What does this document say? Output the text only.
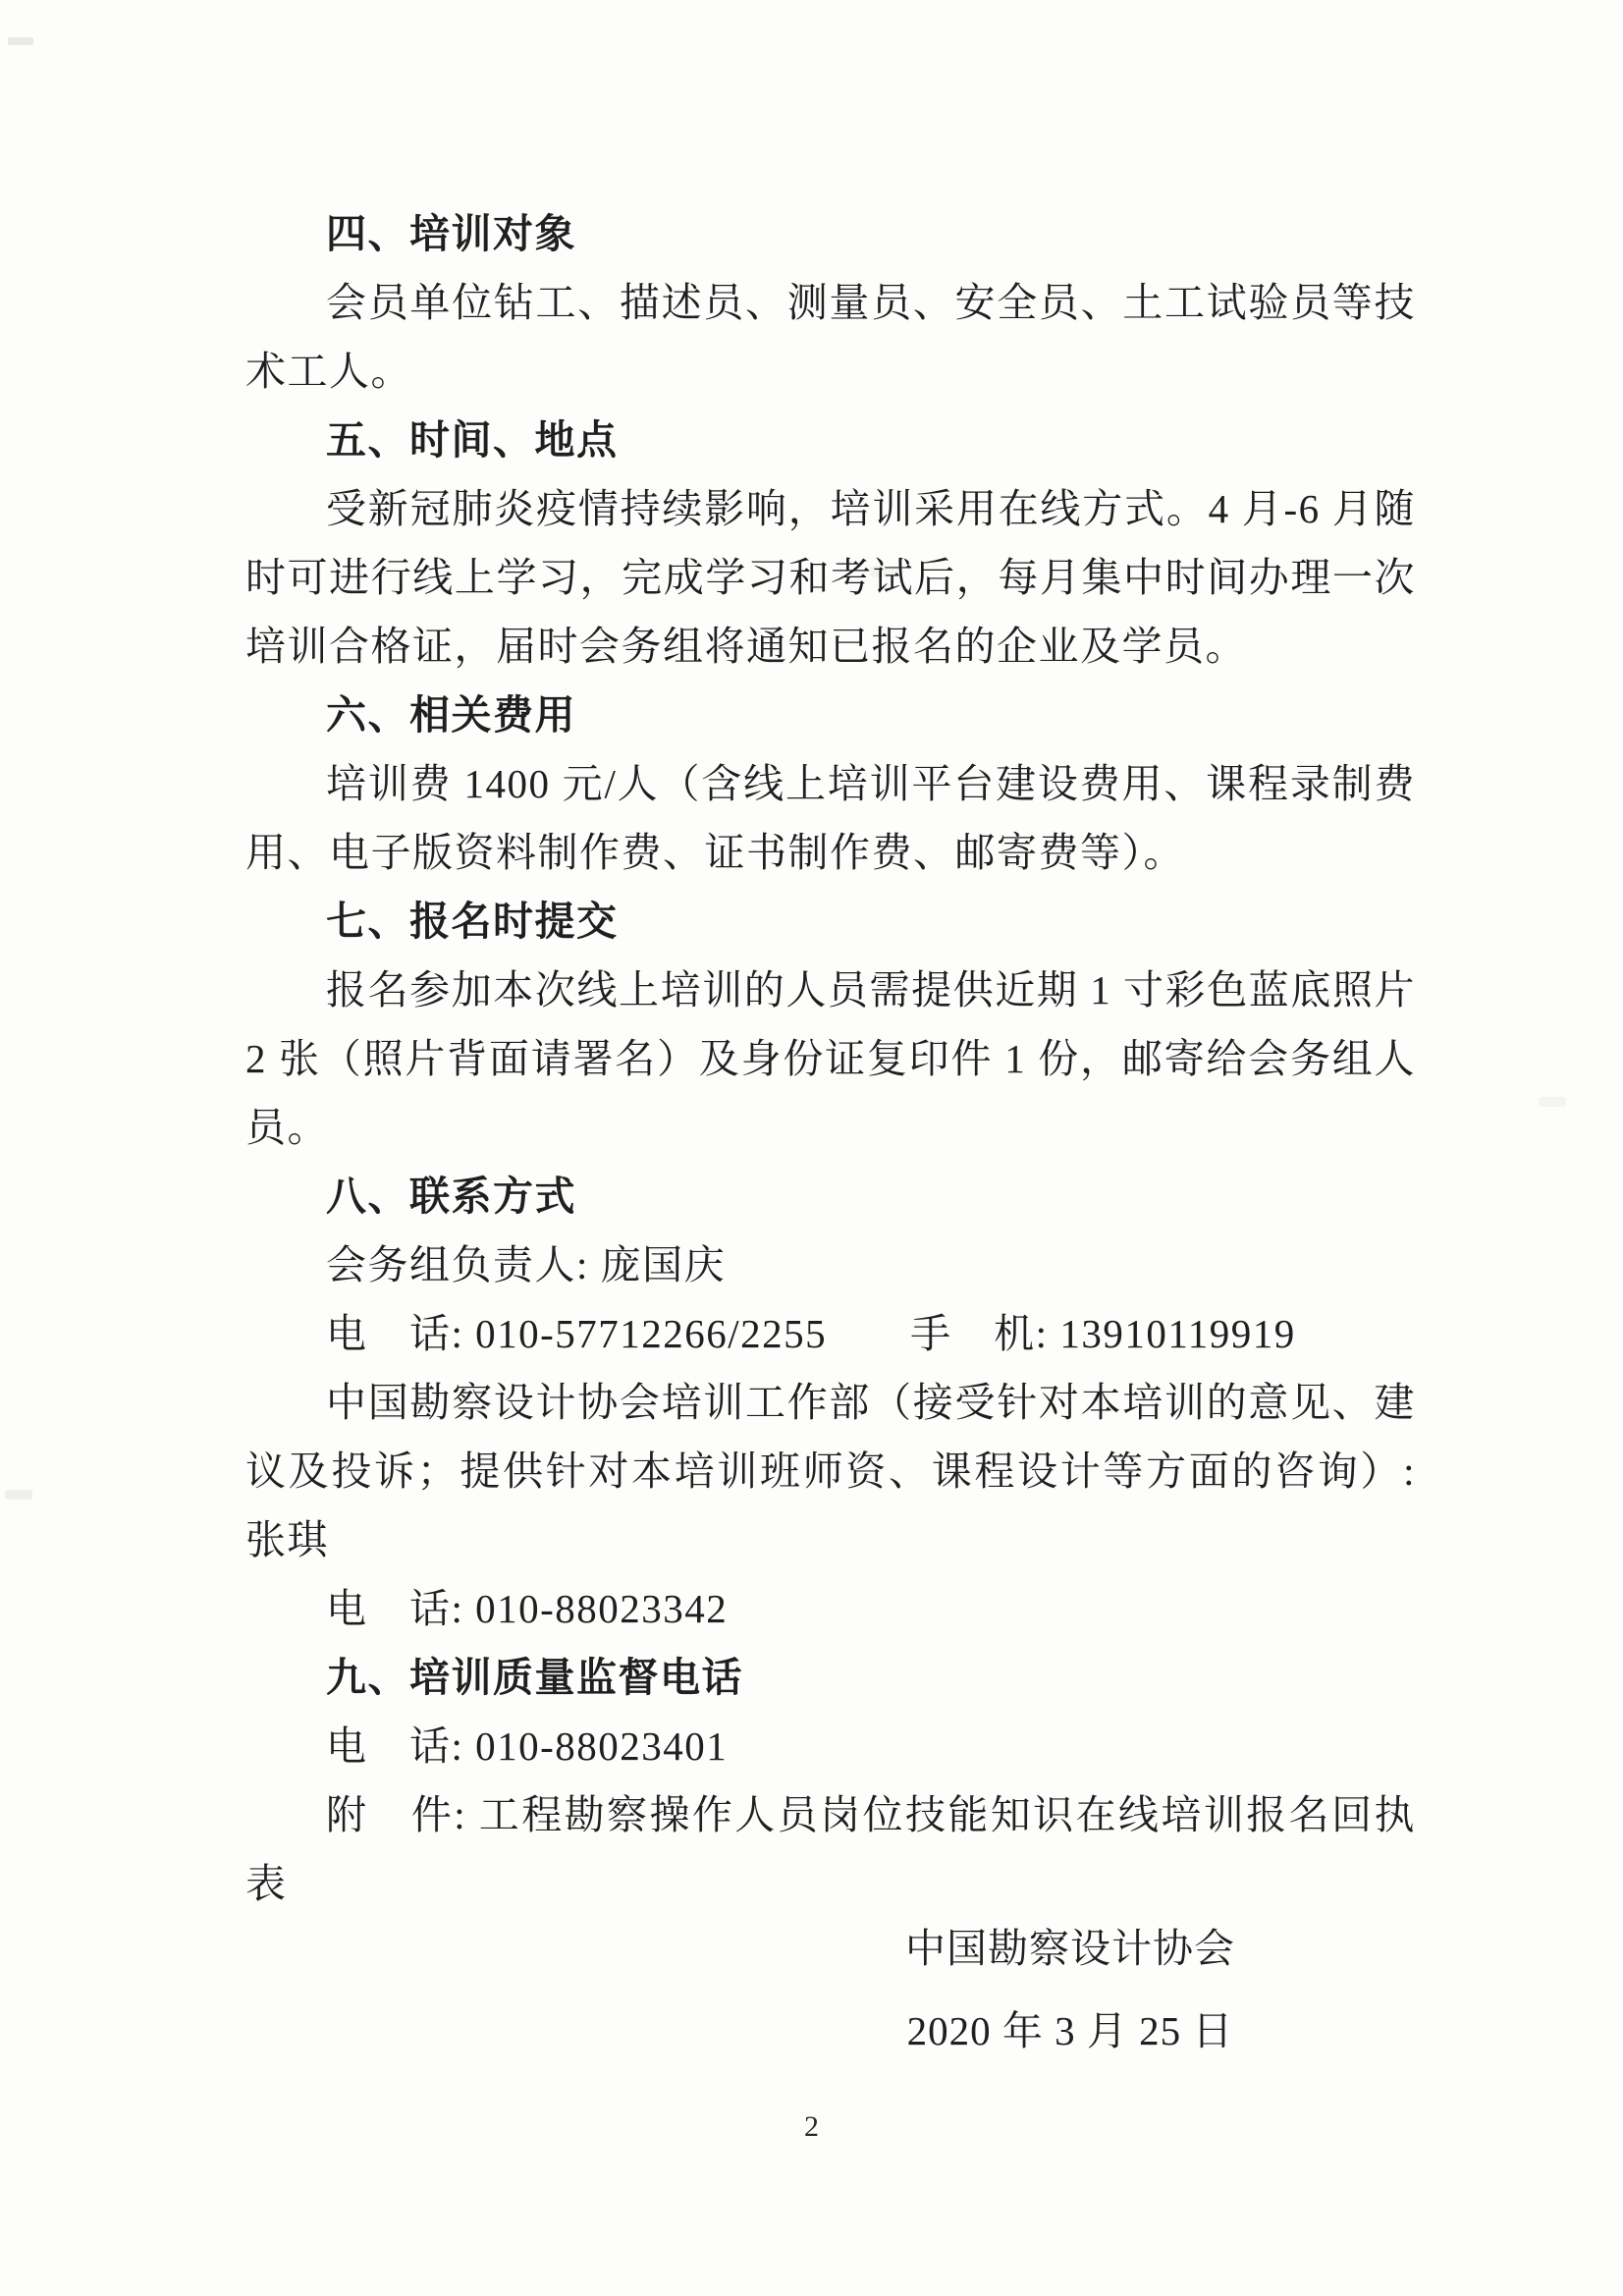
四、培训对象

会员单位钻工、描述员、测量员、安全员、土工试验员等技术工人。

五、时间、地点

受新冠肺炎疫情持续影响，培训采用在线方式。4 月-6 月随时可进行线上学习，完成学习和考试后，每月集中时间办理一次培训合格证，届时会务组将通知已报名的企业及学员。

六、相关费用

培训费 1400 元/人（含线上培训平台建设费用、课程录制费用、电子版资料制作费、证书制作费、邮寄费等）。

七、报名时提交

报名参加本次线上培训的人员需提供近期 1 寸彩色蓝底照片 2 张（照片背面请署名）及身份证复印件 1 份，邮寄给会务组人员。

八、联系方式

会务组负责人: 庞国庆

电　话: 010-57712266/2255　　手　机: 13910119919

中国勘察设计协会培训工作部（接受针对本培训的意见、建议及投诉；提供针对本培训班师资、课程设计等方面的咨询）: 张琪

电　话: 010-88023342

九、培训质量监督电话

电　话: 010-88023401

附　件: 工程勘察操作人员岗位技能知识在线培训报名回执表

中国勘察设计协会
2020 年 3 月 25 日
2
